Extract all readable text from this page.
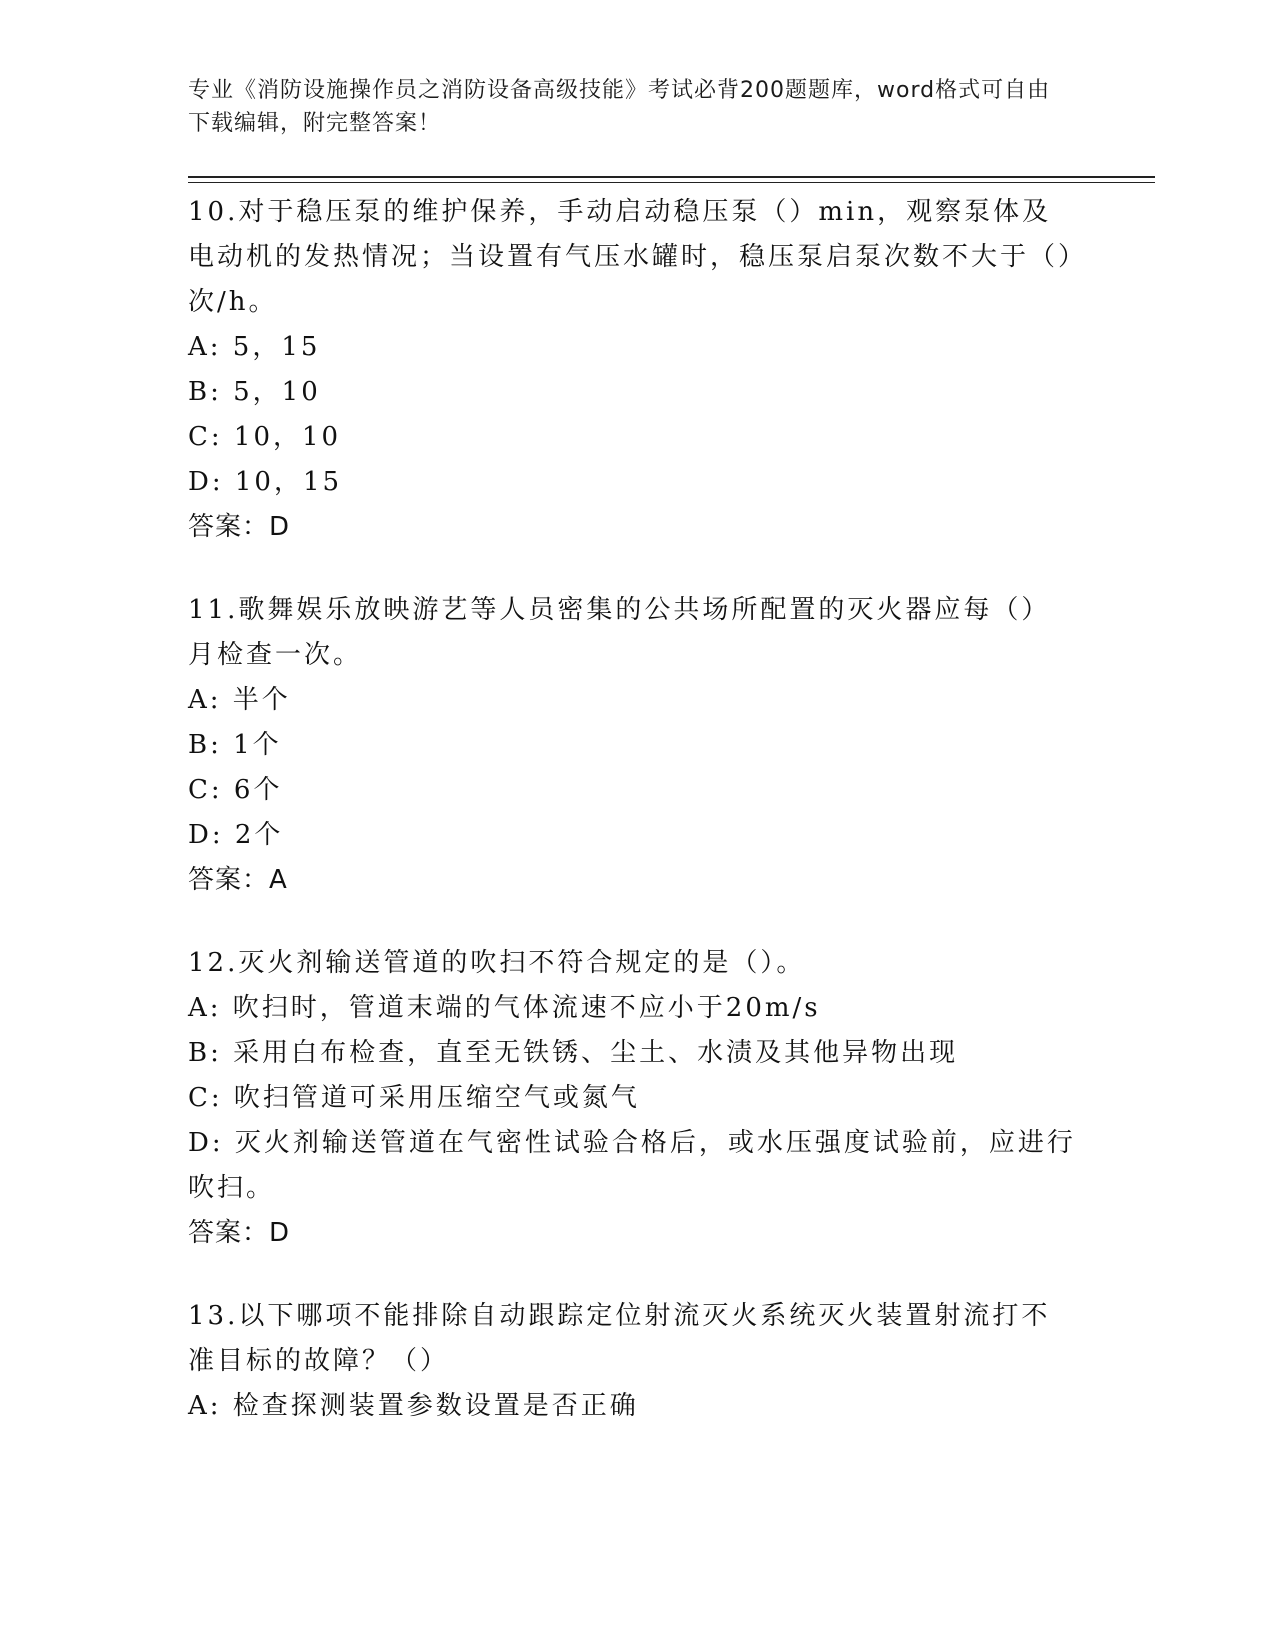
专业《消防设施操作员之消防设备高级技能》考试必背200题题库，word格式可自由下载编辑，附完整答案！

10.对于稳压泵的维护保养，手动启动稳压泵（）min，观察泵体及电动机的发热情况；当设置有气压水罐时，稳压泵启泵次数不大于（）次/h。

A: 5，15

B: 5，10

C: 10，10

D: 10，15

答案：D

11.歌舞娱乐放映游艺等人员密集的公共场所配置的灭火器应每（）月检查一次。

A: 半个

B: 1个

C: 6个

D: 2个

答案：A

12.灭火剂输送管道的吹扫不符合规定的是（）。

A: 吹扫时，管道末端的气体流速不应小于20m/s

B: 采用白布检查，直至无铁锈、尘土、水渍及其他异物出现

C: 吹扫管道可采用压缩空气或氮气

D: 灭火剂输送管道在气密性试验合格后，或水压强度试验前，应进行吹扫。

答案：D

13.以下哪项不能排除自动跟踪定位射流灭火系统灭火装置射流打不准目标的故障？（）

A: 检查探测装置参数设置是否正确
